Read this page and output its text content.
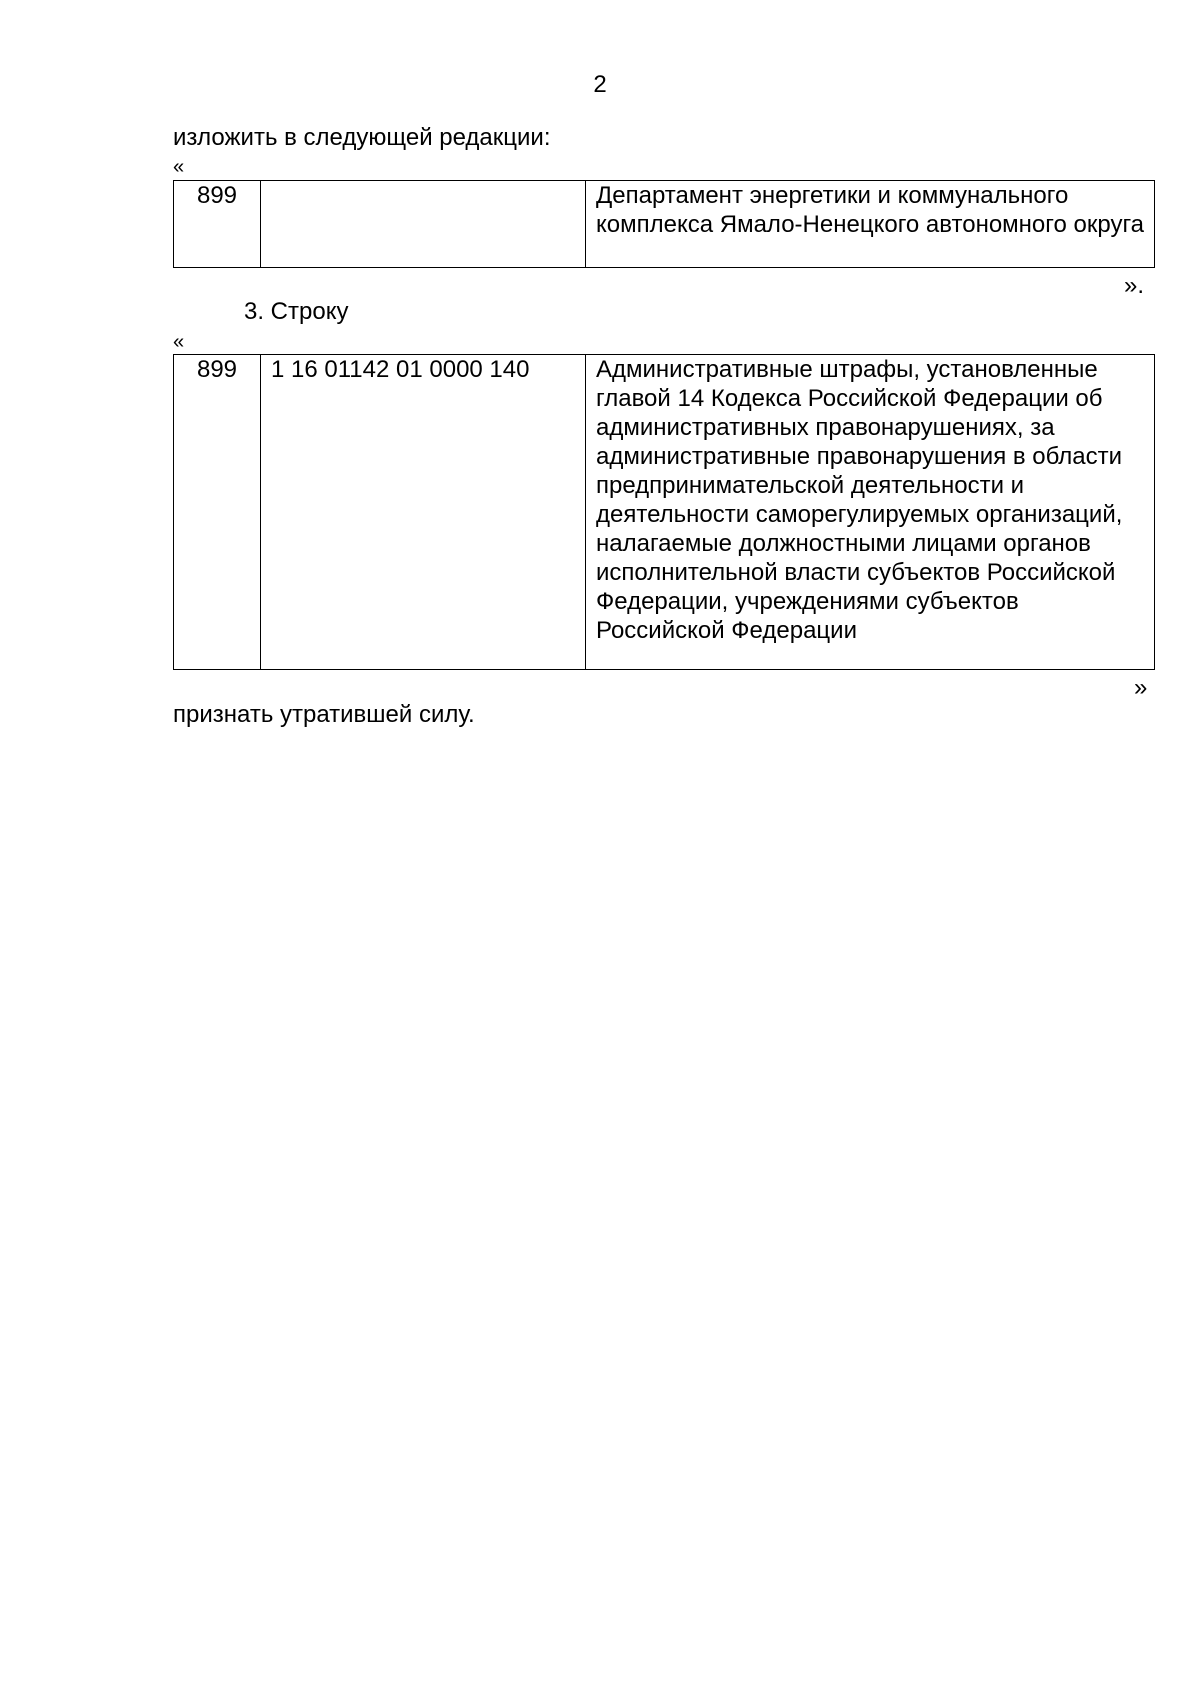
2
изложить в следующей редакции:
«
899		Департамент энергетики и коммунального комплекса Ямало-Ненецкого автономного округа
».
3. Строку
«
899	1 16 01142 01 0000 140	Административные штрафы, установленные главой 14 Кодекса Российской Федерации об административных правонарушениях, за административные правонарушения в области предпринимательской деятельности и деятельности саморегулируемых организаций, налагаемые должностными лицами органов исполнительной власти субъектов Российской Федерации, учреждениями субъектов Российской Федерации
»
признать утратившей силу.
